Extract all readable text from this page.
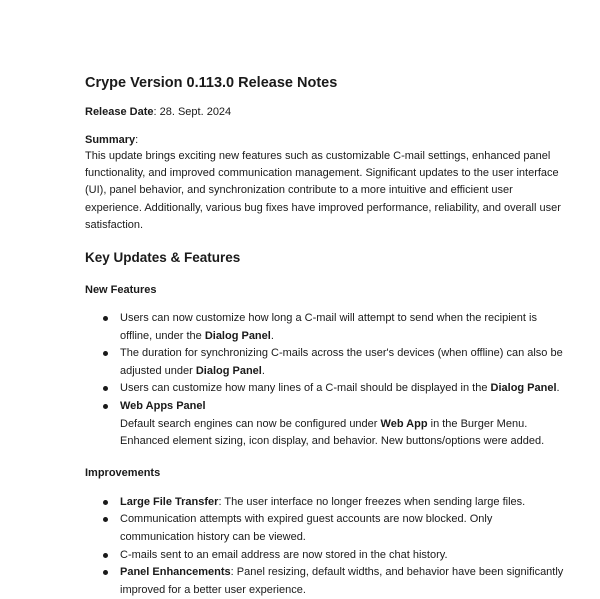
Crype Version 0.113.0 Release Notes
Release Date: 28. Sept. 2024
Summary:

This update brings exciting new features such as customizable C-mail settings, enhanced panel functionality, and improved communication management. Significant updates to the user interface (UI), panel behavior, and synchronization contribute to a more intuitive and efficient user experience. Additionally, various bug fixes have improved performance, reliability, and overall user satisfaction.

Key Updates & Features
New Features
Users can now customize how long a C-mail will attempt to send when the recipient is offline, under the Dialog Panel.
The duration for synchronizing C-mails across the user's devices (when offline) can also be adjusted under Dialog Panel.
Users can customize how many lines of a C-mail should be displayed in the Dialog Panel.
Web Apps Panel
Default search engines can now be configured under Web App in the Burger Menu. Enhanced element sizing, icon display, and behavior. New buttons/options were added.
Improvements
Large File Transfer: The user interface no longer freezes when sending large files.
Communication attempts with expired guest accounts are now blocked. Only communication history can be viewed.
C-mails sent to an email address are now stored in the chat history.
Panel Enhancements: Panel resizing, default widths, and behavior have been significantly improved for a better user experience.
